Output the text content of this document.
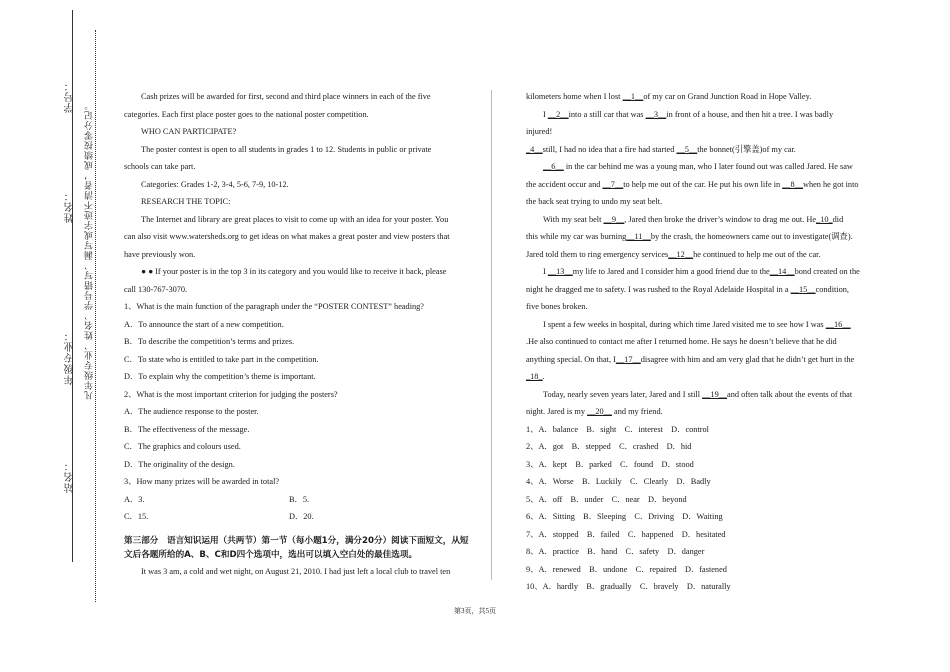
学号：
姓名：
年级专业：
站名：
凡年级专业、姓名、学号错写、漏写或字迹不清者，成绩按零分记。

Cash prizes will be awarded for first, second and third place winners in each of the five

categories. Each first place poster goes to the national poster competition.

WHO CAN PARTICIPATE?

The poster contest is open to all students in grades 1 to 12. Students in public or private

schools can take part.

Categories: Grades 1-2, 3-4, 5-6, 7-9, 10-12.

RESEARCH THE TOPIC:

The Internet and library are great places to visit to come up with an idea for your poster. You

can also visit www.watersheds.org to get ideas on what makes a great poster and view posters that

have previously won.

● ● If your poster is in the top 3 in its category and you would like to receive it back, please

call 130-767-3070.

1、What is the main function of the paragraph under the “POSTER CONTEST” heading?

A．To announce the start of a new competition.

B．To describe the competition’s terms and prizes.

C．To state who is entitled to take part in the competition.

D．To explain why the competition’s theme is important.

2、What is the most important criterion for judging the posters?

A．The audience response to the poster.

B．The effectiveness of the message.

C．The graphics and colours used.

D．The originality of the design.

3、How many prizes will be awarded in total?

A．3.	B．5.
C．15.	D．20.
第三部分　语言知识运用（共两节）第一节（每小题1分，满分20分）阅读下面短文，从短文后各题所给的A、B、C和D四个选项中，选出可以填入空白处的最佳选项。

It was 3 am, a cold and wet night, on August 21, 2010. I had just left a local club to travel ten

kilometers home when I lost __1__of my car on Grand Junction Road in Hope Valley.

I __2__into a still car that was __3__in front of a house, and then hit a tree. I was badly injured!

_4__still, I had no idea that a fire had started __5__the bonnet(引擎盖)of my car.

__6__ in the car behind me was a young man, who I later found out was called Jared. He saw

the accident occur and __7__to help me out of the car. He put his own life in __8__when he got into

the back seat trying to undo my seat belt.

With my seat belt __9__, Jared then broke the driver’s window to drag me out. He_10_did

this while my car was burning__11__by the crash, the homeowners came out to investigate(调查).

Jared told them to ring emergency services__12__he continued to help me out of the car.

I __13__my life to Jared and I consider him a good friend due to the__14__bond created on the

night he dragged me to safety. I was rushed to the Royal Adelaide Hospital in a __15__condition,

five bones broken.

I spent a few weeks in hospital, during which time Jared visited me to see how I was __16__

.He also continued to contact me after I returned home. He says he doesn’t believe that he did

anything special. On that, I__17__disagree with him and am very glad that he didn’t get hurt in the

_18_.

Today, nearly seven years later, Jared and I still __19__and often talk about the events of that

night. Jared is my __20__ and my friend.

1、A．balance　B．sight　C．interest　D．control

2、A．got　B．stepped　C．crashed　D．hid

3、A．kept　B．parked　C．found　D．stood

4、A．Worse　B．Luckily　C．Clearly　D．Badly

5、A．off　B．under　C．near　D．beyond

6、A．Sitting　B．Sleeping　C．Driving　D．Waiting

7、A．stopped　B．failed　C．happened　D．hesitated

8、A．practice　B．hand　C．safety　D．danger

9、A．renewed　B．undone　C．repaired　D．fastened

10、A．hardly　B．gradually　C．bravely　D．naturally

第3页，共5页
